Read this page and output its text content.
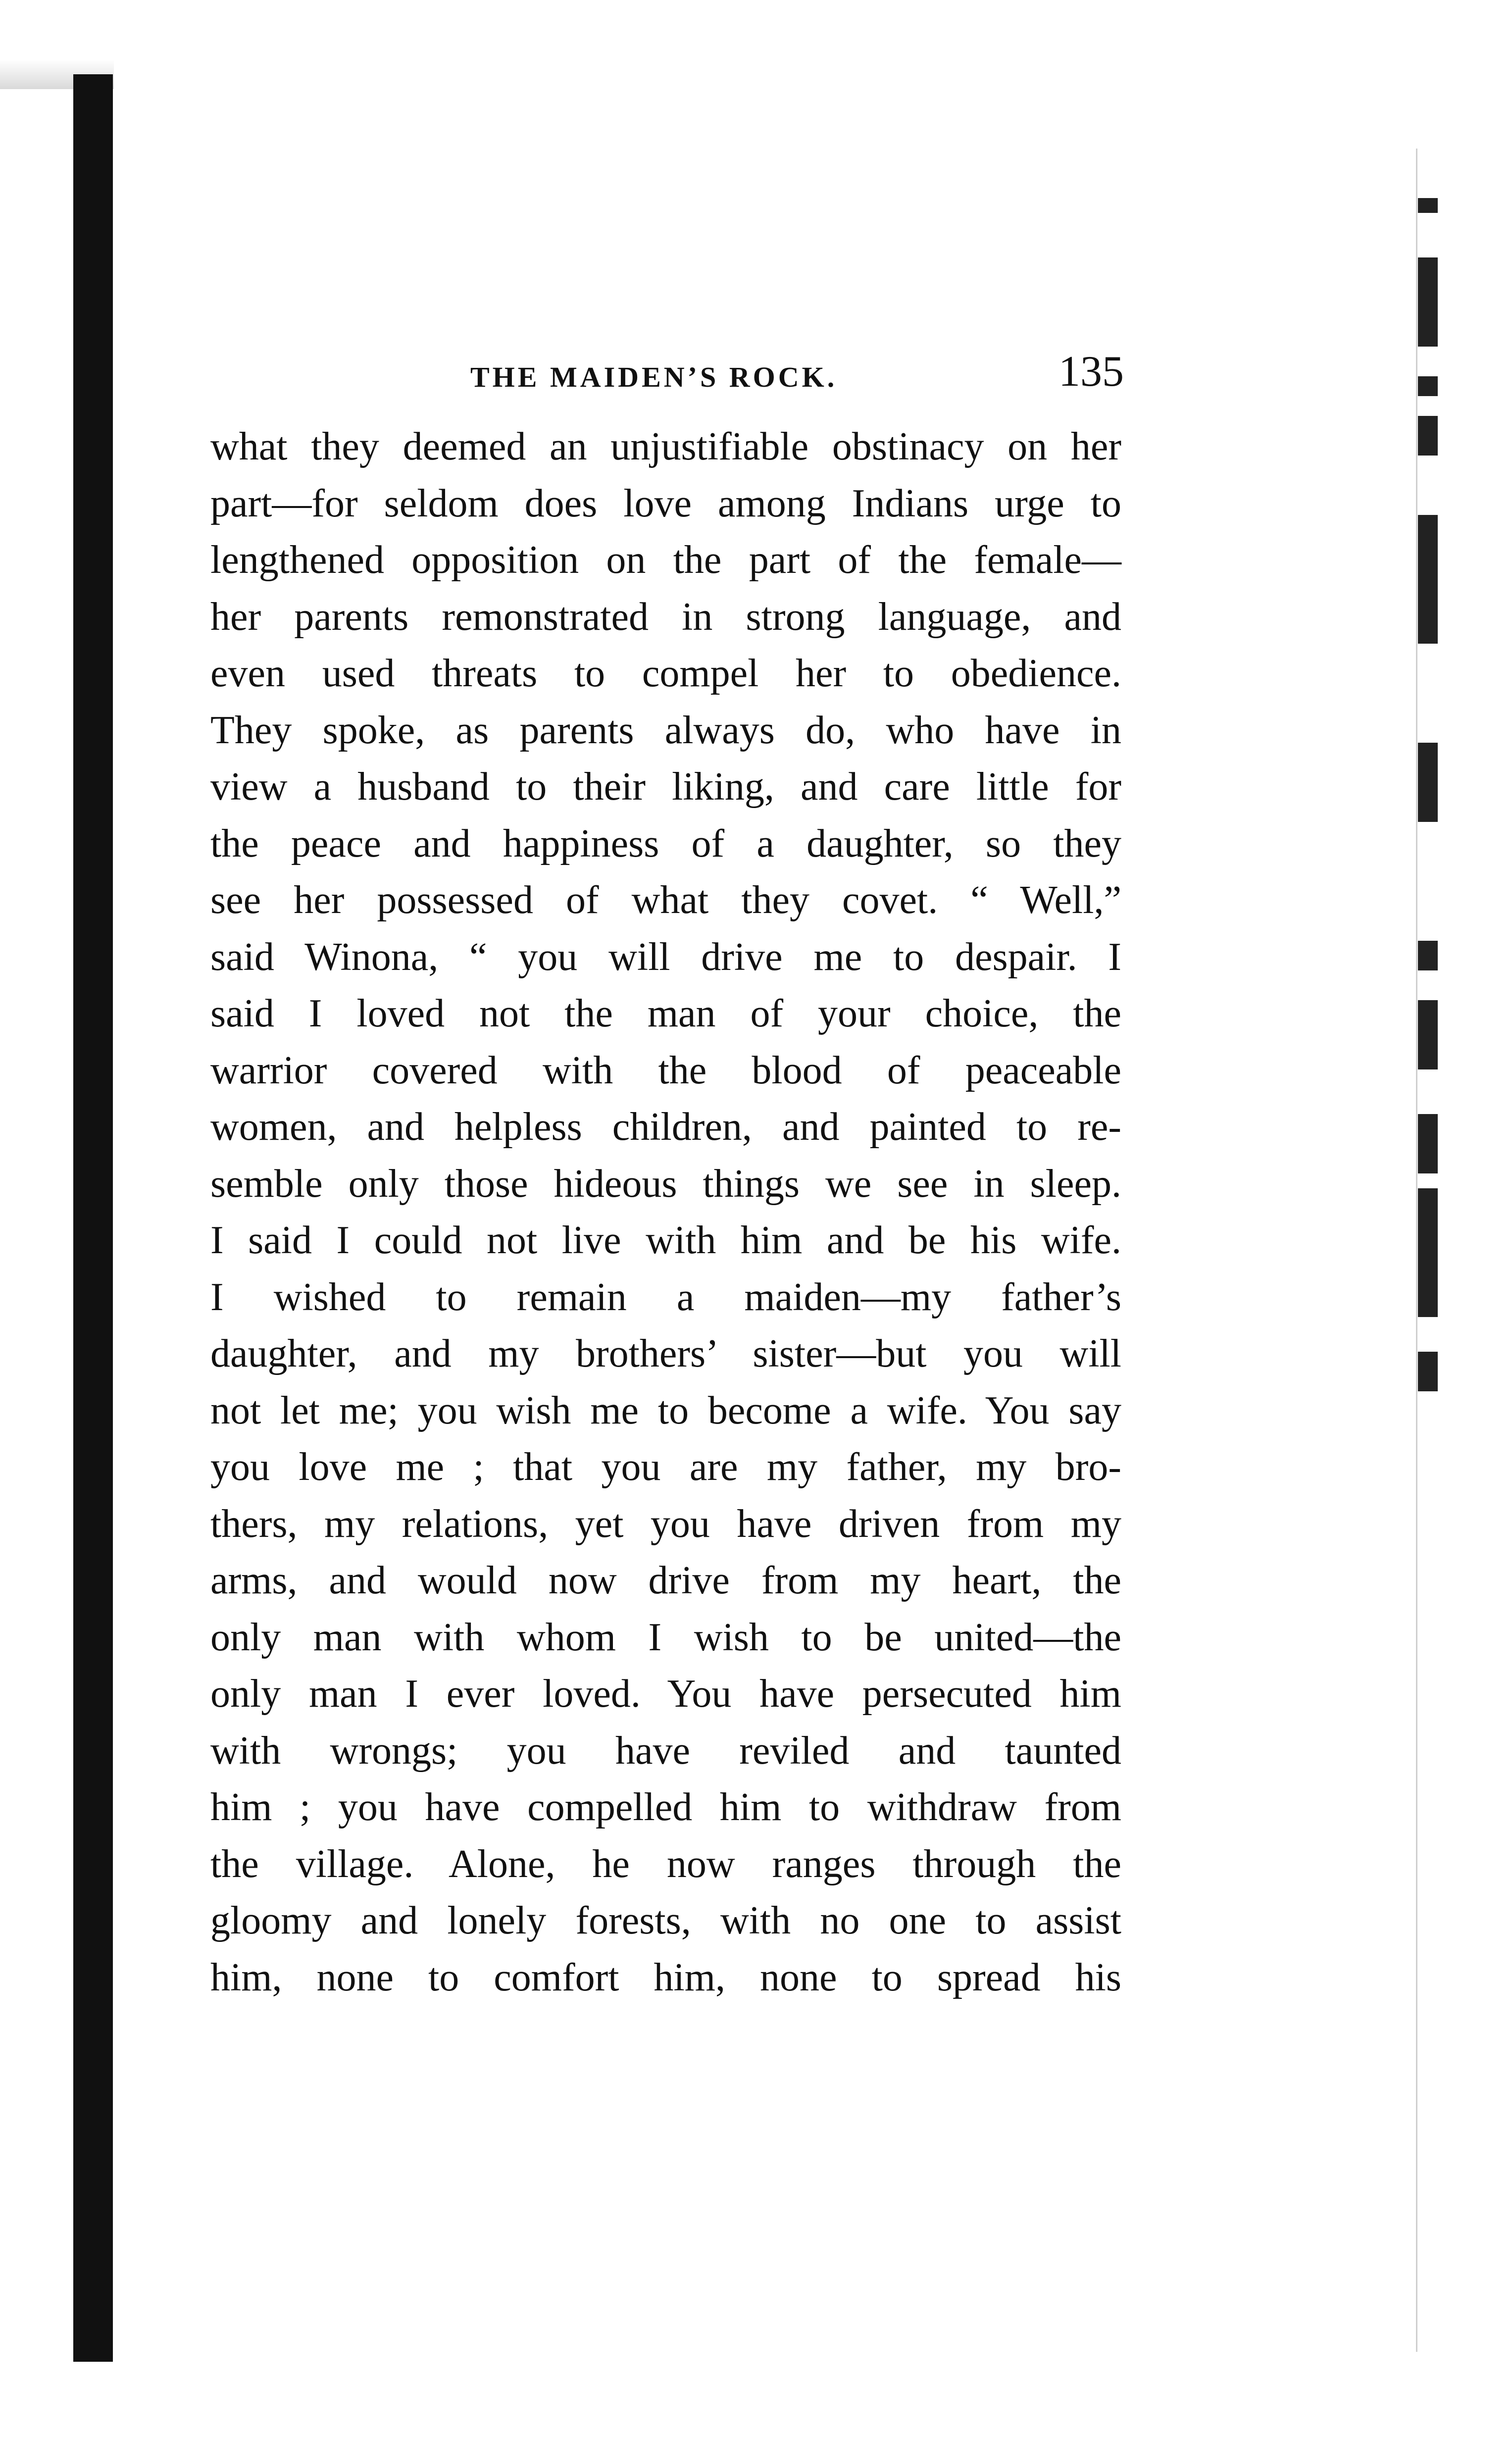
THE MAIDEN’S ROCK.	135
what they deemed an unjustifiable obstinacy on her
part—for seldom does love among Indians urge to
lengthened opposition on the part of the female—
her parents remonstrated in strong language, and
even used threats to compel her to obedience.
They spoke, as parents always do, who have in
view a husband to their liking, and care little for
the peace and happiness of a daughter, so they
see her possessed of what they covet. “ Well,”
said Winona, “ you will drive me to despair. I
said I loved not the man of your choice, the
warrior covered with the blood of peaceable
women, and helpless children, and painted to re-
semble only those hideous things we see in sleep.
I said I could not live with him and be his wife.
I wished to remain a maiden—my father’s
daughter, and my brothers’ sister—but you will
not let me; you wish me to become a wife. You say
you love me ; that you are my father, my bro-
thers, my relations, yet you have driven from my
arms, and would now drive from my heart, the
only man with whom I wish to be united—the
only man I ever loved. You have persecuted him
with wrongs; you have reviled and taunted
him ; you have compelled him to withdraw from
the village. Alone, he now ranges through the
gloomy and lonely forests, with no one to assist
him, none to comfort him, none to spread his
